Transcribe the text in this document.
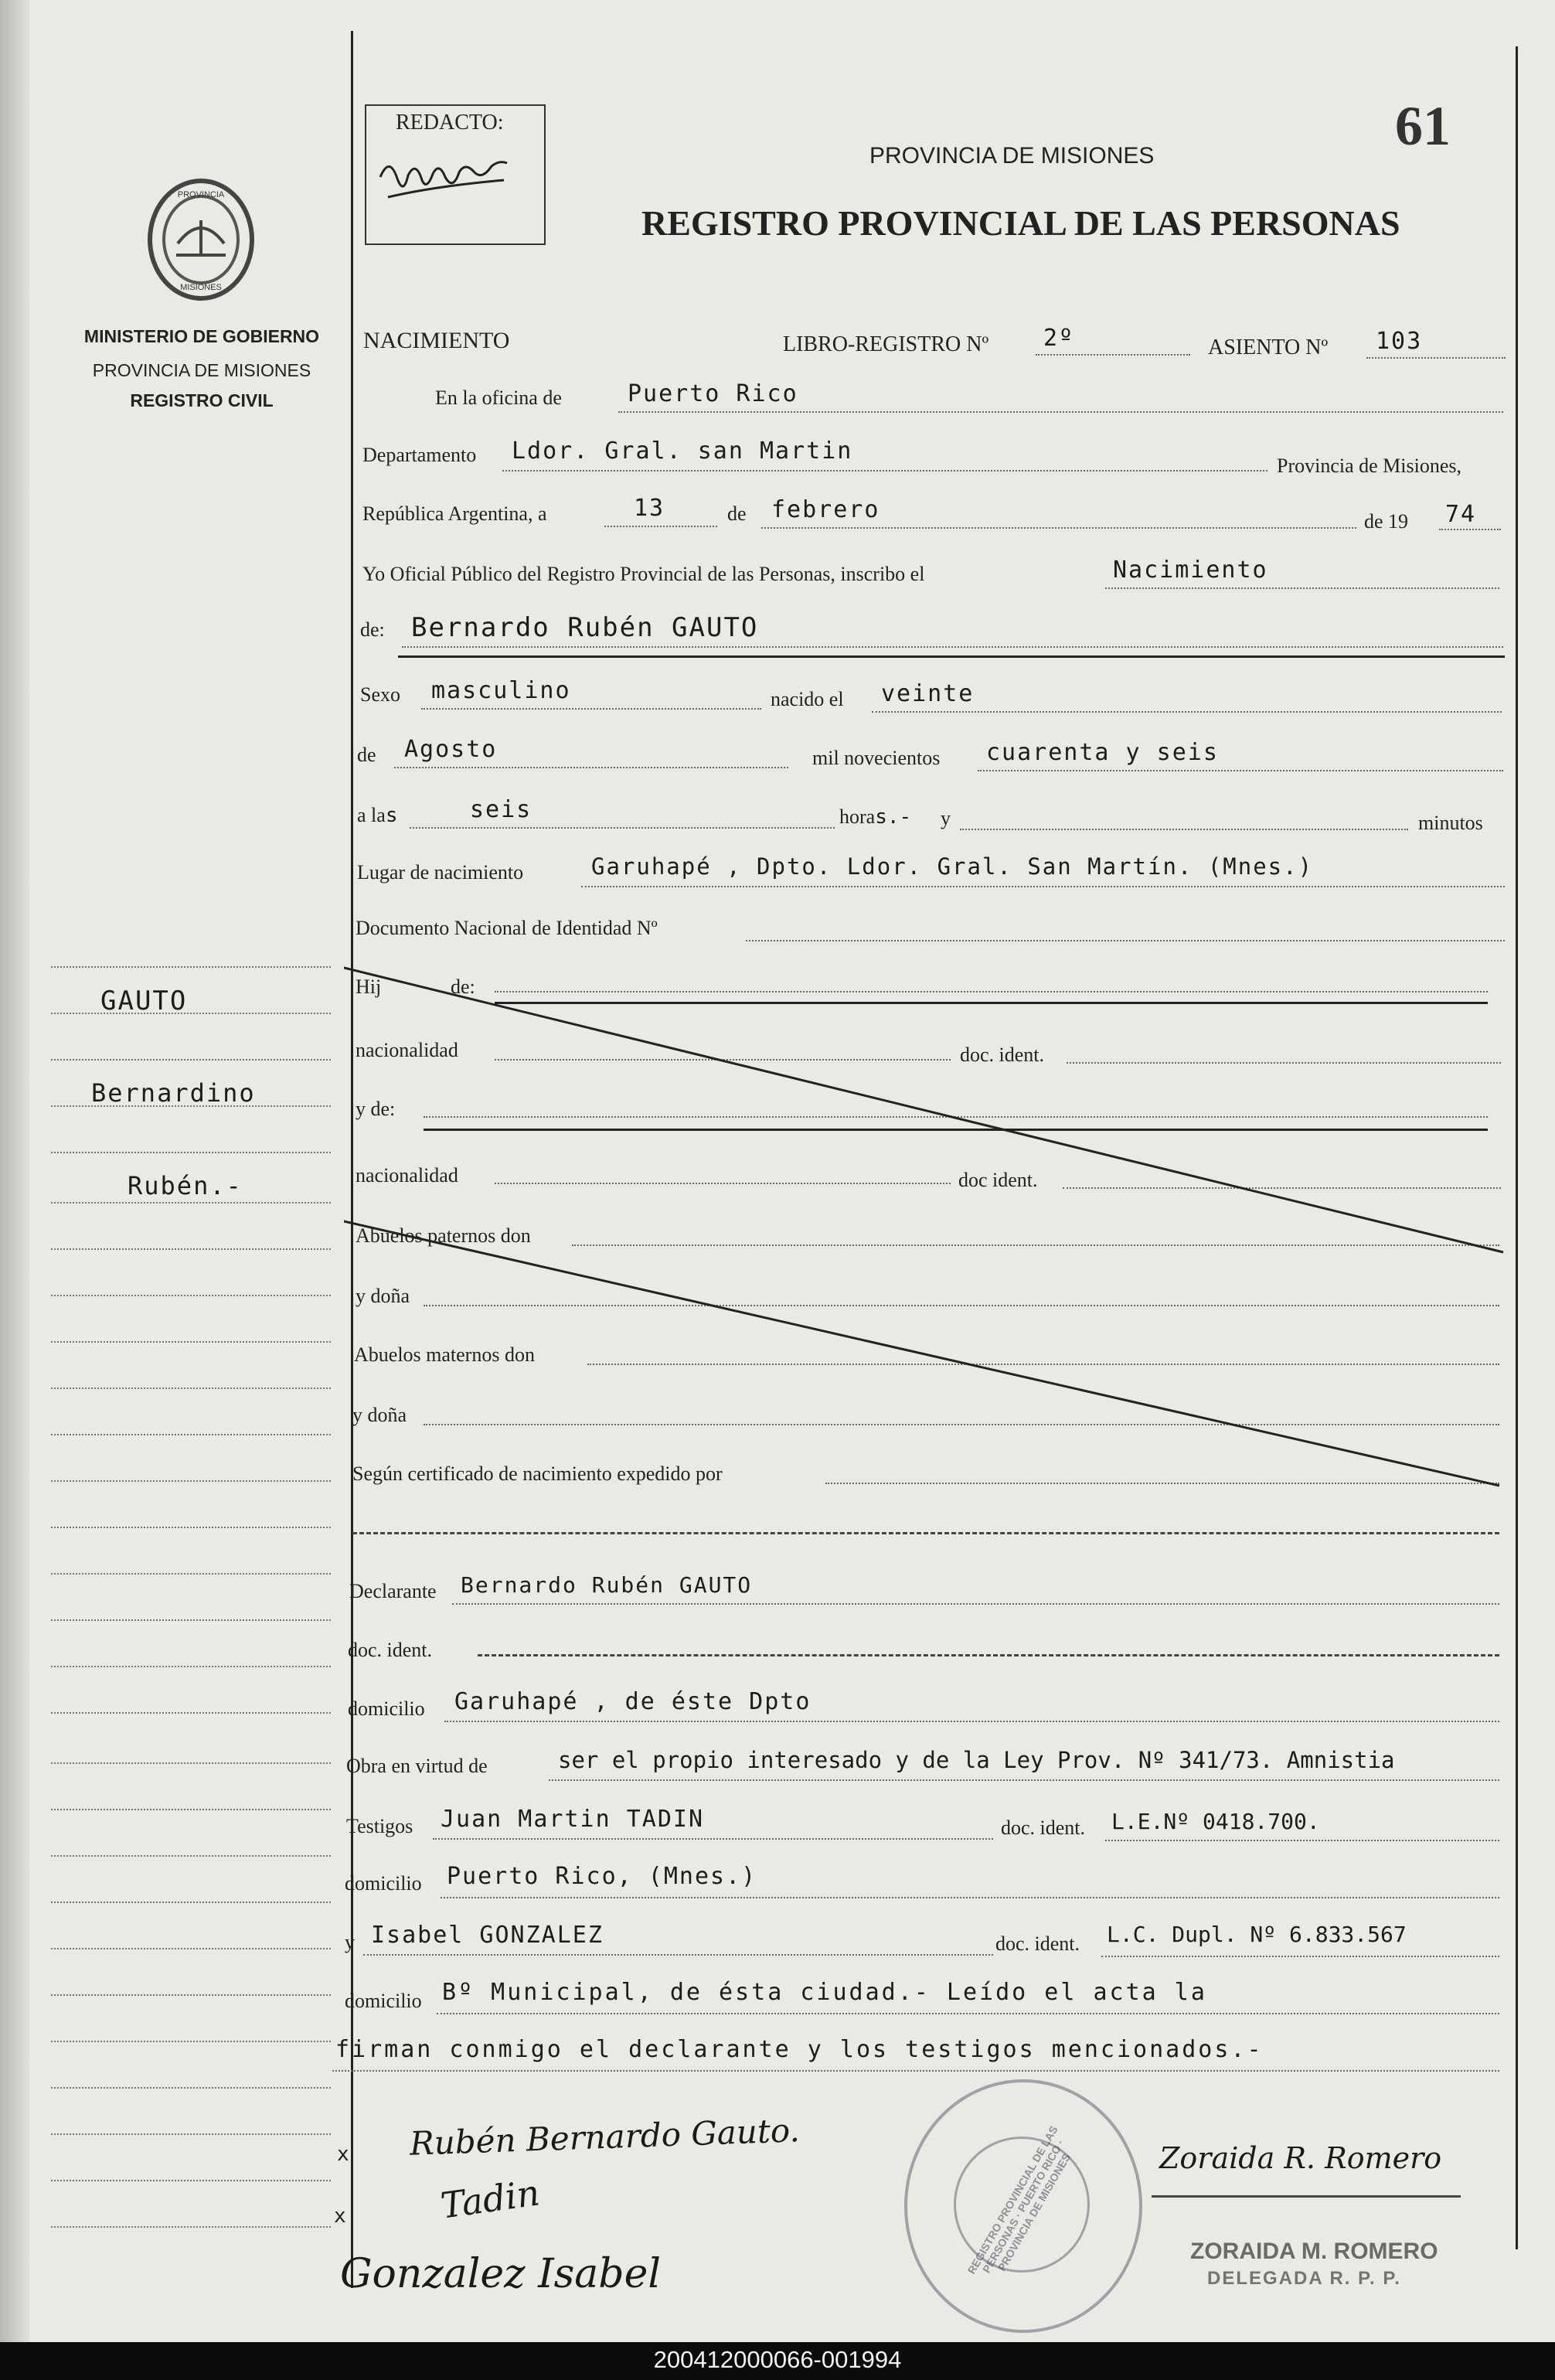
61
REDACTO:
PROVINCIA DE MISIONES
REGISTRO PROVINCIAL DE LAS PERSONAS
PROVINCIA
MISIONES
MINISTERIO DE GOBIERNO
PROVINCIA DE MISIONES
REGISTRO CIVIL
GAUTO
Bernardino
Rubén.-
NACIMIENTO	LIBRO-REGISTRO Nº 2º	ASIENTO Nº 103
En la oficina de	Puerto Rico
Departamento Ldor. Gral. san Martin
Provincia de Misiones,
República Argentina, a	13	de febrero	de 19 74
Yo Oficial Público del Registro Provincial de las Personas, inscribo el	Nacimiento
de: Bernardo Rubén GAUTO
Sexo masculino	nacido el veinte
de Agosto	mil novecientos cuarenta y seis
a las	seis	horas.- y	minutos
Lugar de nacimiento	Garuhapé , Dpto. Ldor. Gral. San Martín. (Mnes.)
Documento Nacional de Identidad Nº
Hij	de:
nacionalidad	doc. ident.
y de:
nacionalidad	doc ident.
Abuelos paternos don
y doña
Abuelos maternos don
y doña
Según certificado de nacimiento expedido por
Declarante Bernardo Rubén GAUTO
doc. ident.
domicilio Garuhapé , de éste Dpto
Obra en virtud de	ser el propio interesado y de la Ley Prov. Nº 341/73. Amnistia
Testigos Juan Martin TADIN	doc. ident. L.E.Nº 0418.700.
domicilio Puerto Rico, (Mnes.)
y Isabel GONZALEZ	doc. ident. L.C. Dupl. Nº 6.833.567
domicilio Bº Municipal, de ésta ciudad.- Leído el acta la
firman conmigo el declarante y los testigos mencionados.-
x
x
Rubén Bernardo Gauto.
Tadin
Gonzalez Isabel	REGISTRO PROVINCIAL DE LAS PERSONAS · PUERTO RICO · PROVINCIA DE MISIONES	Zoraida R. Romero
ZORAIDA M. ROMERO
DELEGADA R. P. P.
200412000066-001994
